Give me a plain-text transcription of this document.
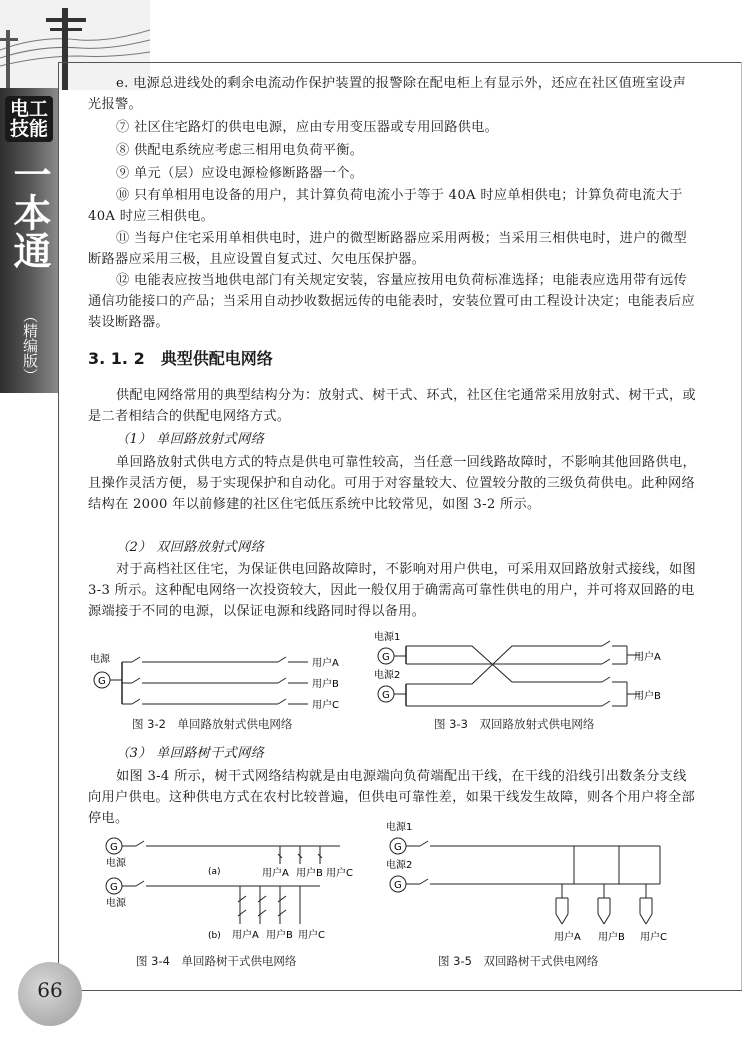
电工技能
一本通
（精编版）
66
e. 电源总进线处的剩余电流动作保护装置的报警除在配电柜上有显示外，还应在社区值班室设声光报警。
⑦ 社区住宅路灯的供电电源，应由专用变压器或专用回路供电。
⑧ 供配电系统应考虑三相用电负荷平衡。
⑨ 单元（层）应设电源检修断路器一个。
⑩ 只有单相用电设备的用户，其计算负荷电流小于等于 40A 时应单相供电；计算负荷电流大于 40A 时应三相供电。
⑪ 当每户住宅采用单相供电时，进户的微型断路器应采用两极；当采用三相供电时，进户的微型断路器应采用三极，且应设置自复式过、欠电压保护器。
⑫ 电能表应按当地供电部门有关规定安装，容量应按用电负荷标准选择；电能表应选用带有远传通信功能接口的产品；当采用自动抄收数据远传的电能表时，安装位置可由工程设计决定；电能表后应装设断路器。
3. 1. 2 典型供配电网络
供配电网络常用的典型结构分为：放射式、树干式、环式，社区住宅通常采用放射式、树干式，或是二者相结合的供配电网络方式。
（1） 单回路放射式网络
单回路放射式供电方式的特点是供电可靠性较高，当任意一回线路故障时，不影响其他回路供电，且操作灵活方便，易于实现保护和自动化。可用于对容量较大、位置较分散的三级负荷供电。此种网络结构在 2000 年以前修建的社区住宅低压系统中比较常见，如图 3-2 所示。
（2） 双回路放射式网络
对于高档社区住宅，为保证供电回路故障时，不影响对用户供电，可采用双回路放射式接线，如图 3-3 所示。这种配电网络一次投资较大，因此一般仅用于确需高可靠性供电的用户，并可将双回路的电源端接于不同的电源，以保证电源和线路同时得以备用。
电源
G
用户A
用户B
用户C
图 3-2　单回路放射式供电网络
电源1
G
电源2
G
用户A
用户B
图 3-3　双回路放射式供电网络
（3） 单回路树干式网络
如图 3-4 所示，树干式网络结构就是由电源端向负荷端配出干线，在干线的沿线引出数条分支线向用户供电。这种供电方式在农村比较普遍，但供电可靠性差，如果干线发生故障，则各个用户将全部停电。
G
电源
(a)	用户A 用户B 用户C
G
电源
(b) 用户A 用户B 用户C
图 3-4　单回路树干式供电网络
电源1
G
电源2
G
用户A 用户B 用户C
图 3-5　双回路树干式供电网络
